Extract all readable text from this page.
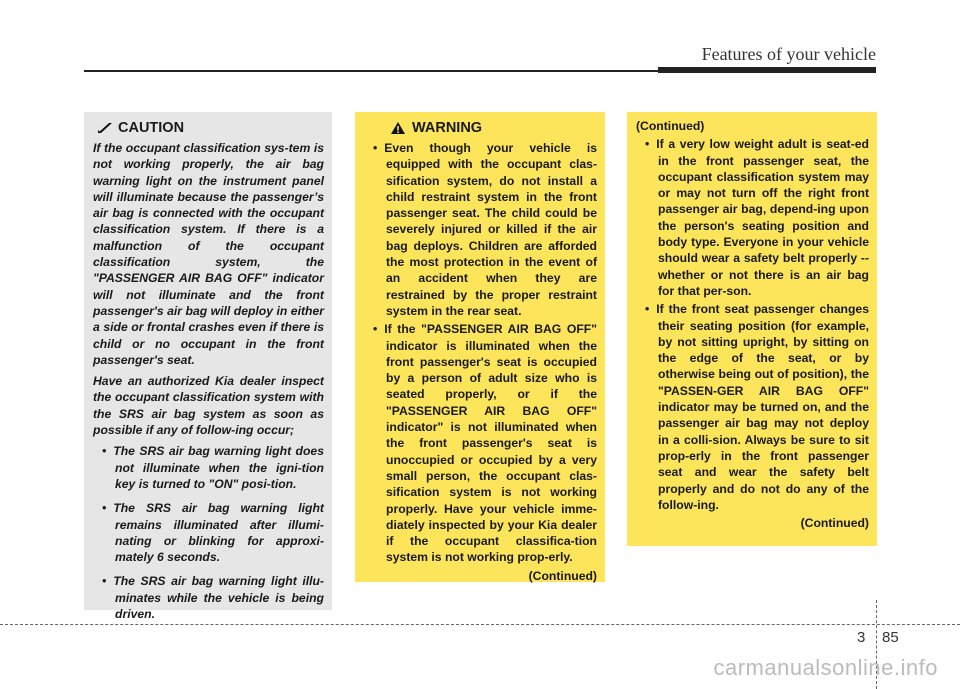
Features of your vehicle
CAUTION

If the occupant classification sys-tem is not working properly, the air bag warning light on the instrument panel will illuminate because the passenger’s air bag is connected with the occupant classification system. If there is a malfunction of the occupant classification system, the "PASSENGER AIR BAG OFF" indicator will not illuminate and the front passenger's air bag will deploy in either a side or frontal crashes even if there is child or no occupant in the front passenger's seat.

Have an authorized Kia dealer inspect the occupant classification system with the SRS air bag system as soon as possible if any of follow-ing occur;

• The SRS air bag warning light does not illuminate when the igni-tion key is turned to "ON" posi-tion.
• The SRS air bag warning light remains illuminated after illumi-nating or blinking for approxi-mately 6 seconds.
• The SRS air bag warning light illu-minates while the vehicle is being driven.
WARNING
• Even though your vehicle is equipped with the occupant clas-sification system, do not install a child restraint system in the front passenger seat. The child could be severely injured or killed if the air bag deploys. Children are afforded the most protection in the event of an accident when they are restrained by the proper restraint system in the rear seat.
• If the "PASSENGER AIR BAG OFF" indicator is illuminated when the front passenger's seat is occupied by a person of adult size who is seated properly, or if the "PASSENGER AIR BAG OFF" indicator" is not illuminated when the front passenger's seat is unoccupied or occupied by a very small person, the occupant clas-sification system is not working properly. Have your vehicle imme-diately inspected by your Kia dealer if the occupant classifica-tion system is not working prop-erly.
(Continued)
(Continued)
• If a very low weight adult is seat-ed in the front passenger seat, the occupant classification system may or may not turn off the right front passenger air bag, depend-ing upon the person's seating position and body type. Everyone in your vehicle should wear a safety belt properly -- whether or not there is an air bag for that per-son.
• If the front seat passenger changes their seating position (for example, by not sitting upright, by sitting on the edge of the seat, or by otherwise being out of position), the "PASSEN-GER AIR BAG OFF" indicator may be turned on, and the passenger air bag may not deploy in a colli-sion. Always be sure to sit prop-erly in the front passenger seat and wear the safety belt properly and do not do any of the follow-ing.
(Continued)
3 85
carmanualsonline.info
